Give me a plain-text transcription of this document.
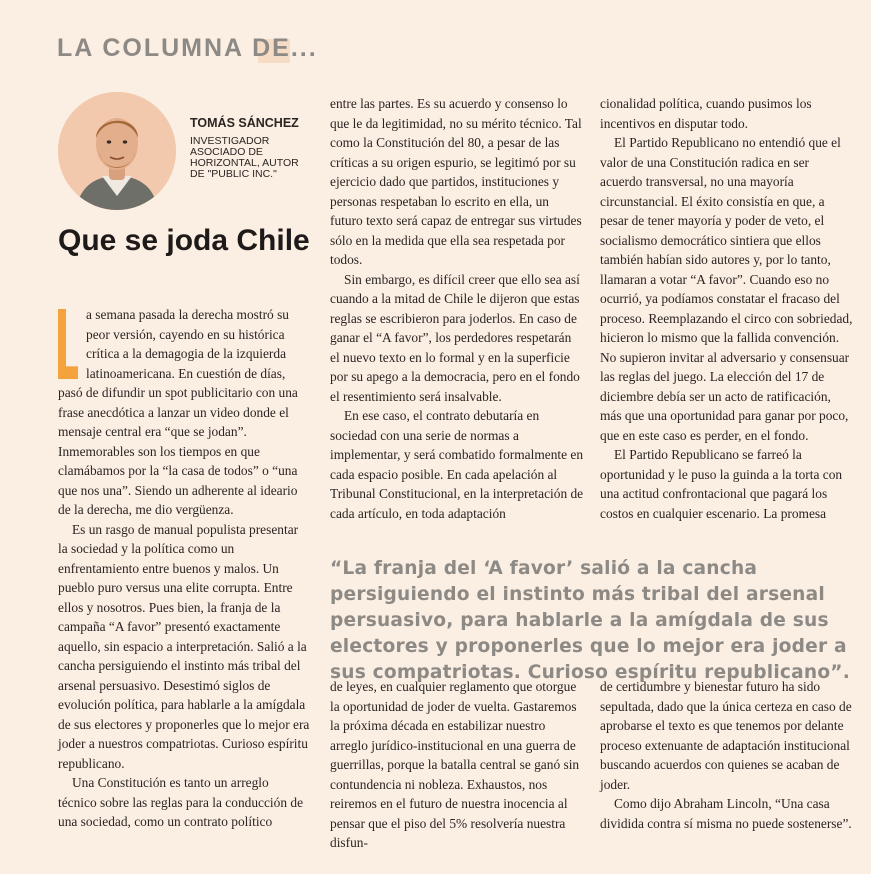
LA COLUMNA DE...

TOMÁS SÁNCHEZ

INVESTIGADOR ASOCIADO DE HORIZONTAL, AUTOR DE "PUBLIC INC."

Que se joda Chile

a semana pasada la derecha mostró su peor versión, cayendo en su histórica crítica a la demagogia de la izquierda latinoamericana. En cuestión de días, pasó de difundir un spot publicitario con una frase anecdótica a lanzar un video donde el mensaje central era “que se jodan”. Inmemorables son los tiempos en que clamábamos por la “la casa de todos” o “una que nos una”. Siendo un adherente al ideario de la derecha, me dio vergüenza.

Es un rasgo de manual populista presentar la sociedad y la política como un enfrentamiento entre buenos y malos. Un pueblo puro versus una elite corrupta. Entre ellos y nosotros. Pues bien, la franja de la campaña “A favor” presentó exactamente aquello, sin espacio a interpretación. Salió a la cancha persiguiendo el instinto más tribal del arsenal persuasivo. Desestimó siglos de evolución política, para hablarle a la amígdala de sus electores y proponerles que lo mejor era joder a nuestros compatriotas. Curioso espíritu republicano.

Una Constitución es tanto un arreglo técnico sobre las reglas para la conducción de una sociedad, como un contrato político

entre las partes. Es su acuerdo y consenso lo que le da legitimidad, no su mérito técnico. Tal como la Constitución del 80, a pesar de las críticas a su origen espurio, se legitimó por su ejercicio dado que partidos, instituciones y personas respetaban lo escrito en ella, un futuro texto será capaz de entregar sus virtudes sólo en la medida que ella sea respetada por todos.

Sin embargo, es difícil creer que ello sea así cuando a la mitad de Chile le dijeron que estas reglas se escribieron para joderlos. En caso de ganar el “A favor”, los perdedores respetarán el nuevo texto en lo formal y en la superficie por su apego a la democracia, pero en el fondo el resentimiento será insalvable.

En ese caso, el contrato debutaría en sociedad con una serie de normas a implementar, y será combatido formalmente en cada espacio posible. En cada apelación al Tribunal Constitucional, en la interpretación de cada artículo, en toda adaptación

cionalidad política, cuando pusimos los incentivos en disputar todo.

El Partido Republicano no entendió que el valor de una Constitución radica en ser acuerdo transversal, no una mayoría circunstancial. El éxito consistía en que, a pesar de tener mayoría y poder de veto, el socialismo democrático sintiera que ellos también habían sido autores y, por lo tanto, llamaran a votar “A favor”. Cuando eso no ocurrió, ya podíamos constatar el fracaso del proceso. Reemplazando el circo con sobriedad, hicieron lo mismo que la fallida convención. No supieron invitar al adversario y consensuar las reglas del juego. La elección del 17 de diciembre debía ser un acto de ratificación, más que una oportunidad para ganar por poco, que en este caso es perder, en el fondo.

El Partido Republicano se farreó la oportunidad y le puso la guinda a la torta con una actitud confrontacional que pagará los costos en cualquier escenario. La promesa

“La franja del ‘A favor’ salió a la cancha persiguiendo el instinto más tribal del arsenal persuasivo, para hablarle a la amígdala de sus electores y proponerles que lo mejor era joder a sus compatriotas. Curioso espíritu republicano”.

de leyes, en cualquier reglamento que otorgue la oportunidad de joder de vuelta. Gastaremos la próxima década en estabilizar nuestro arreglo jurídico-institucional en una guerra de guerrillas, porque la batalla central se ganó sin contundencia ni nobleza. Exhaustos, nos reiremos en el futuro de nuestra inocencia al pensar que el piso del 5% resolvería nuestra disfun-

de certidumbre y bienestar futuro ha sido sepultada, dado que la única certeza en caso de aprobarse el texto es que tenemos por delante proceso extenuante de adaptación institucional buscando acuerdos con quienes se acaban de joder.

Como dijo Abraham Lincoln, “Una casa dividida contra sí misma no puede sostenerse”.
